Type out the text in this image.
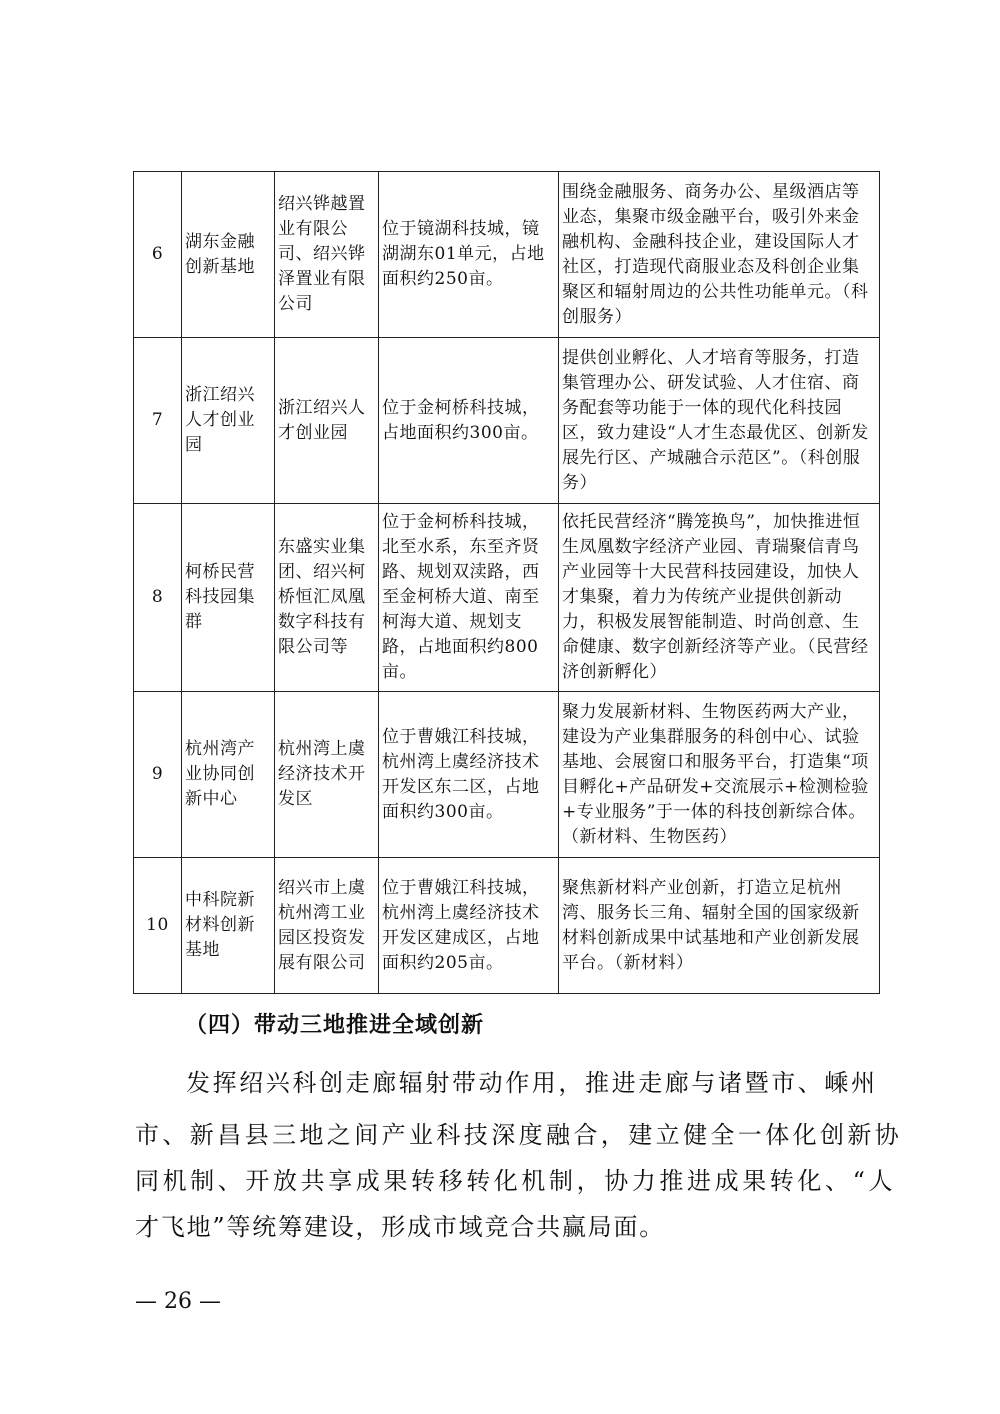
6	湖东金融创新基地	绍兴铧越置业有限公司、绍兴铧泽置业有限公司	位于镜湖科技城，镜湖湖东01单元，占地面积约250亩。	围绕金融服务、商务办公、星级酒店等业态，集聚市级金融平台，吸引外来金融机构、金融科技企业，建设国际人才社区，打造现代商服业态及科创企业集聚区和辐射周边的公共性功能单元。（科创服务）
7	浙江绍兴人才创业园	浙江绍兴人才创业园	位于金柯桥科技城，占地面积约300亩。	提供创业孵化、人才培育等服务，打造集管理办公、研发试验、人才住宿、商务配套等功能于一体的现代化科技园区，致力建设“人才生态最优区、创新发展先行区、产城融合示范区”。（科创服务）
8	柯桥民营科技园集群	东盛实业集团、绍兴柯桥恒汇凤凰数字科技有限公司等	位于金柯桥科技城，北至水系，东至齐贤路、规划双渎路，西至金柯桥大道、南至柯海大道、规划支路，占地面积约800亩。	依托民营经济“腾笼换鸟”，加快推进恒生凤凰数字经济产业园、青瑞聚信青鸟产业园等十大民营科技园建设，加快人才集聚，着力为传统产业提供创新动力，积极发展智能制造、时尚创意、生命健康、数字创新经济等产业。（民营经济创新孵化）
9	杭州湾产业协同创新中心	杭州湾上虞经济技术开发区	位于曹娥江科技城，杭州湾上虞经济技术开发区东二区，占地面积约300亩。	聚力发展新材料、生物医药两大产业，建设为产业集群服务的科创中心、试验基地、会展窗口和服务平台，打造集“项目孵化+产品研发+交流展示+检测检验+专业服务”于一体的科技创新综合体。（新材料、生物医药）
10	中科院新材料创新基地	绍兴市上虞杭州湾工业园区投资发展有限公司	位于曹娥江科技城，杭州湾上虞经济技术开发区建成区，占地面积约205亩。	聚焦新材料产业创新，打造立足杭州湾、服务长三角、辐射全国的国家级新材料创新成果中试基地和产业创新发展平台。（新材料）
（四）带动三地推进全域创新
发挥绍兴科创走廊辐射带动作用，推进走廊与诸暨市、嵊州
市、新昌县三地之间产业科技深度融合，建立健全一体化创新协
同机制、开放共享成果转移转化机制，协力推进成果转化、“人
才飞地”等统筹建设，形成市域竞合共赢局面。
— 26 —
